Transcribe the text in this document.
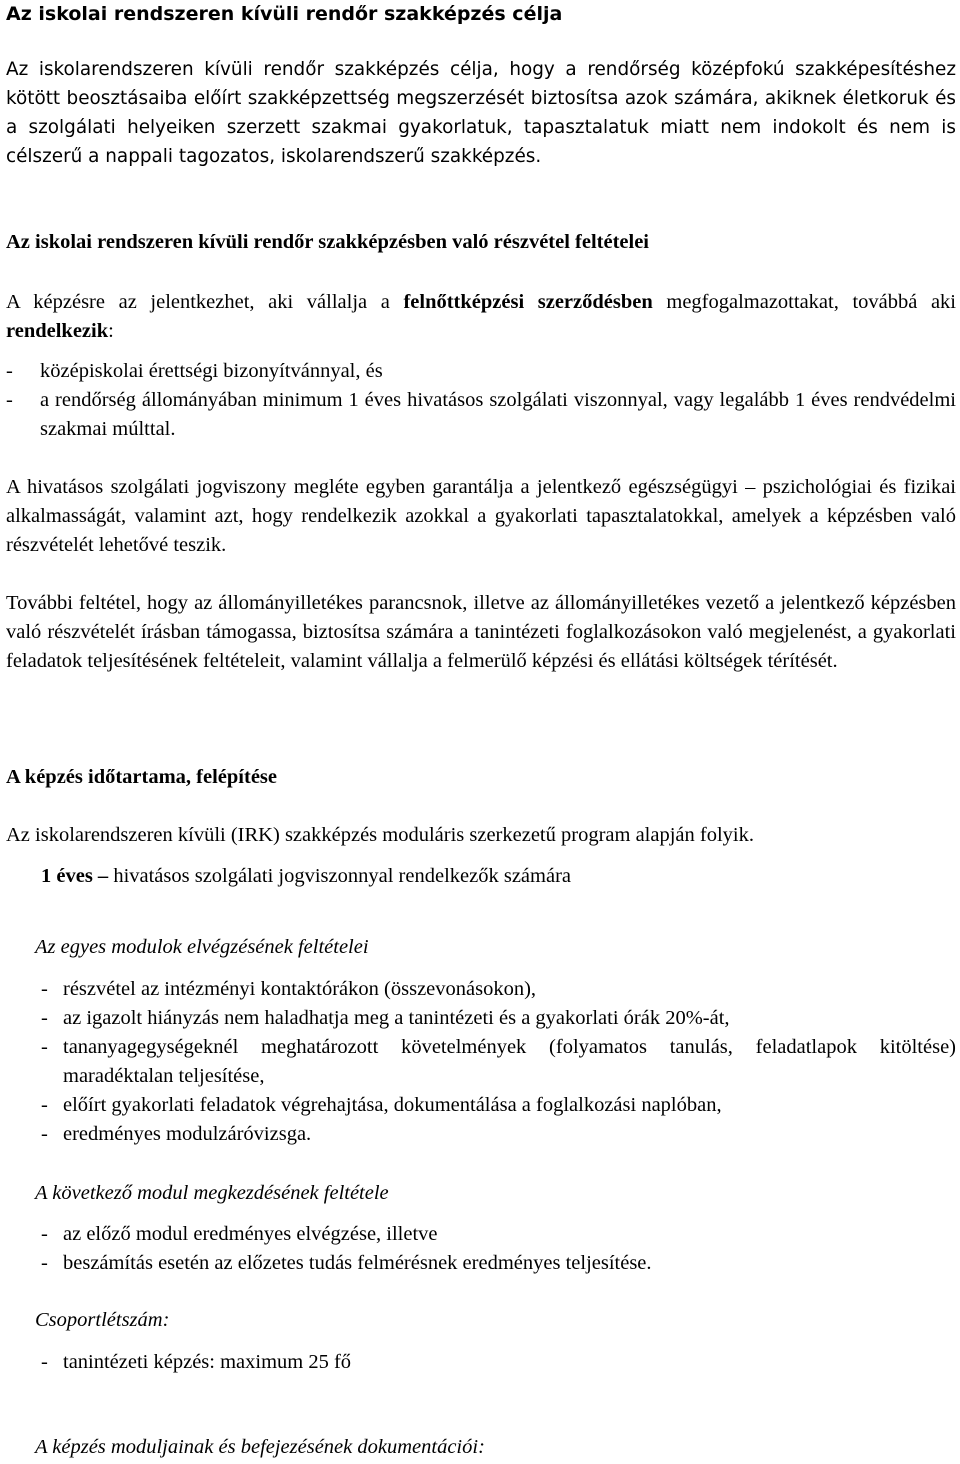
Az iskolai rendszeren kívüli rendőr szakképzés célja

Az iskolarendszeren kívüli rendőr szakképzés célja, hogy a rendőrség középfokú szakképesítéshez kötött beosztásaiba előírt szakképzettség megszerzését biztosítsa azok számára, akiknek életkoruk és a szolgálati helyeiken szerzett szakmai gyakorlatuk, tapasztalatuk miatt nem indokolt és nem is célszerű a nappali tagozatos, iskolarendszerű szakképzés.

Az iskolai rendszeren kívüli rendőr szakképzésben való részvétel feltételei

A képzésre az jelentkezhet, aki vállalja a felnőttképzési szerződésben megfogalmazottakat, továbbá aki rendelkezik:

-	középiskolai érettségi bizonyítvánnyal, és
- a rendőrség állományában minimum 1 éves hivatásos szolgálati viszonnyal, vagy legalább 1 éves rendvédelmi szakmai múlttal.

A hivatásos szolgálati jogviszony megléte egyben garantálja a jelentkező egészségügyi – pszichológiai és fizikai alkalmasságát, valamint azt, hogy rendelkezik azokkal a gyakorlati tapasztalatokkal, amelyek a képzésben való részvételét lehetővé teszik.

További feltétel, hogy az állományilletékes parancsnok, illetve az állományilletékes vezető a jelentkező képzésben való részvételét írásban támogassa, biztosítsa számára a tanintézeti foglalkozásokon való megjelenést, a gyakorlati feladatok teljesítésének feltételeit, valamint vállalja a felmerülő képzési és ellátási költségek térítését.

A képzés időtartama, felépítése

Az iskolarendszeren kívüli (IRK) szakképzés moduláris szerkezetű program alapján folyik.

1 éves – hivatásos szolgálati jogviszonnyal rendelkezők számára

Az egyes modulok elvégzésének feltételei

- részvétel az intézményi kontaktórákon (összevonásokon),
- az igazolt hiányzás nem haladhatja meg a tanintézeti és a gyakorlati órák 20%-át,
- tananyagegységeknél meghatározott követelmények (folyamatos tanulás, feladatlapok kitöltése) maradéktalan teljesítése,
- előírt gyakorlati feladatok végrehajtása, dokumentálása a foglalkozási naplóban,
- eredményes modulzáróvizsga.

A következő modul megkezdésének feltétele

- az előző modul eredményes elvégzése, illetve
- beszámítás esetén az előzetes tudás felmérésnek eredményes teljesítése.

Csoportlétszám:

- tanintézeti képzés: maximum 25 fő

A képzés moduljainak és befejezésének dokumentációi:
